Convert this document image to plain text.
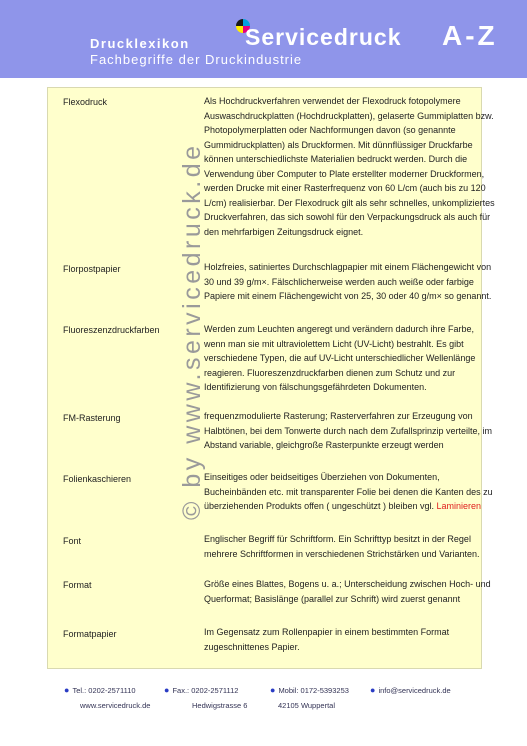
Drucklexikon
Fachbegriffe der Druckindustrie
Servicedruck A-Z
© by www.servicedruck.de
Flexodruck	Als Hochdruckverfahren verwendet der Flexodruck fotopolymere Auswaschdruckplatten (Hochdruckplatten), gelaserte Gummiplatten bzw. Photopolymerplatten oder Nachformungen davon (so genannte Gummidruckplatten) als Druckformen. Mit dünnflüssiger Druckfarbe können unterschiedlichste Materialien bedruckt werden. Durch die Verwendung über Computer to Plate erstellter moderner Druckformen, werden Drucke mit einer Rasterfrequenz von 60 L/cm (auch bis zu 120 L/cm) realisierbar. Der Flexodruck gilt als sehr schnelles, unkompliziertes Druckverfahren, das sich sowohl für den Verpackungsdruck als auch für den mehrfarbigen Zeitungsdruck eignet.
Florpostpapier	Holzfreies, satiniertes Durchschlagpapier mit einem Flächengewicht von 30 und 39 g/m×. Fälschlicherweise werden auch weiße oder farbige Papiere mit einem Flächengewicht von 25, 30 oder 40 g/m× so genannt.
Fluoreszenzdruckfarben	Werden zum Leuchten angeregt und verändern dadurch ihre Farbe, wenn man sie mit ultraviolettem Licht (UV-Licht) bestrahlt. Es gibt verschiedene Typen, die auf UV-Licht unterschiedlicher Wellenlänge reagieren. Fluoreszenzdruckfarben dienen zum Schutz und zur Identifizierung von fälschungsgefährdeten Dokumenten.
FM-Rasterung	frequenzmodulierte Rasterung; Rasterverfahren zur Erzeugung von Halbtönen, bei dem Tonwerte durch nach dem Zufallsprinzip verteilte, im Abstand variable, gleichgroße Rasterpunkte erzeugt werden
Folienkaschieren	Einseitiges oder beidseitiges Überziehen von Dokumenten, Bucheinbänden etc. mit transparenter Folie bei denen die Kanten des zu überziehenden Produkts offen ( ungeschützt ) bleiben vgl. Laminieren
Font	Englischer Begriff für Schriftform. Ein Schrifttyp besitzt in der Regel mehrere Schriftformen in verschiedenen Strichstärken und Varianten.
Format	Größe eines Blattes, Bogens u. a.; Unterscheidung zwischen Hoch- und Querformat; Basislänge (parallel zur Schrift) wird zuerst genannt
Formatpapier	Im Gegensatz zum Rollenpapier in einem bestimmten Format zugeschnittenes Papier.
● Tel.: 0202-2571110	● Fax.: 0202-2571112	● Mobil: 0172-5393253 ● info@servicedruck.de
www.servicedruck.de	Hedwigstrasse 6	42105 Wuppertal
